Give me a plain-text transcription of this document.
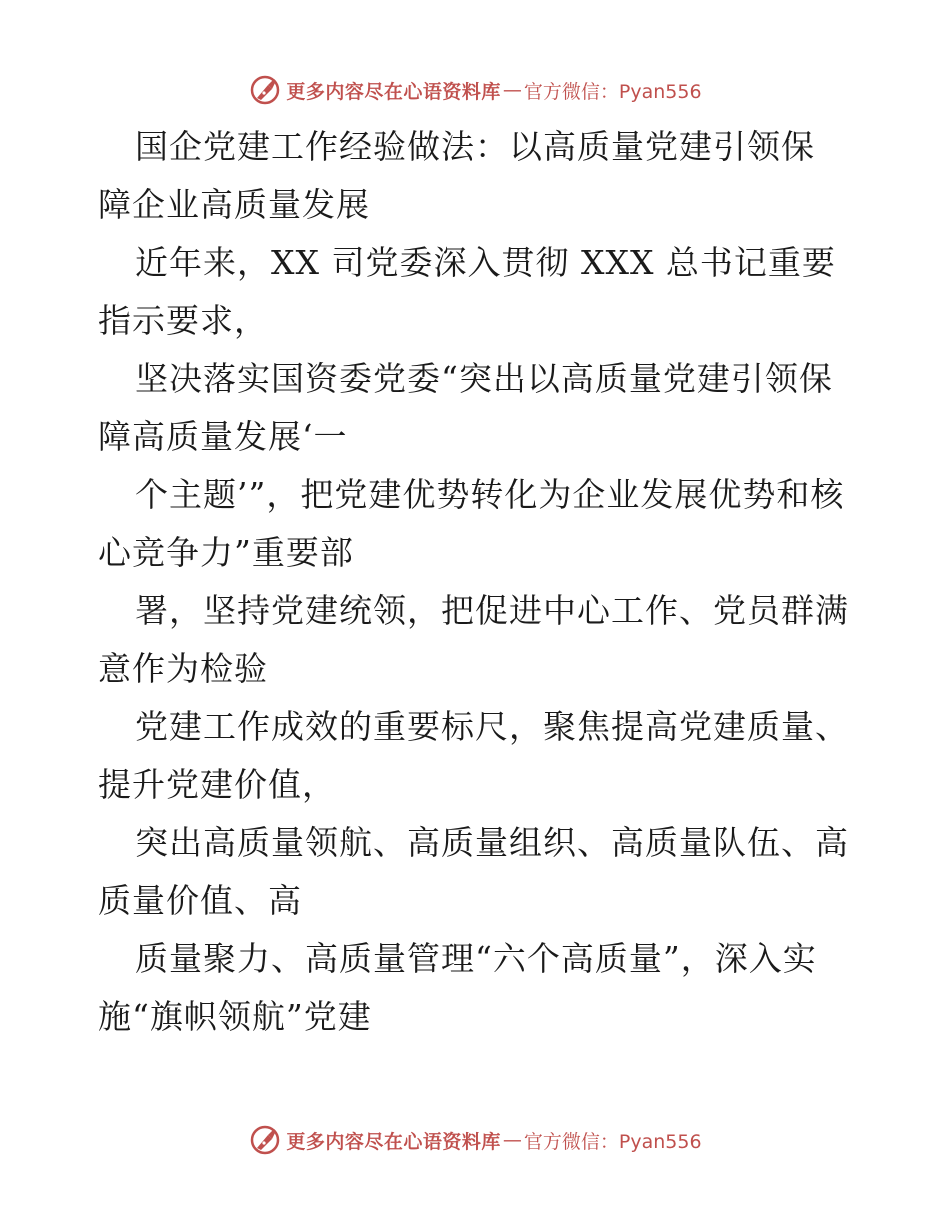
更多内容尽在心语资料库 — 官方微信：Pyan556

国企党建工作经验做法：以高质量党建引领保
障企业高质量发展

近年来，XX 司党委深入贯彻 XXX 总书记重要指示要求，

坚决落实国资委党委“突出以高质量党建引领保障高质量发展‘一

个主题’”，把党建优势转化为企业发展优势和核心竞争力”重要部

署，坚持党建统领，把促进中心工作、党员群满意作为检验

党建工作成效的重要标尺，聚焦提高党建质量、提升党建价值，

突出高质量领航、高质量组织、高质量队伍、高质量价值、高

质量聚力、高质量管理“六个高质量”，深入实施“旗帜领航”党建

更多内容尽在心语资料库 — 官方微信：Pyan556
